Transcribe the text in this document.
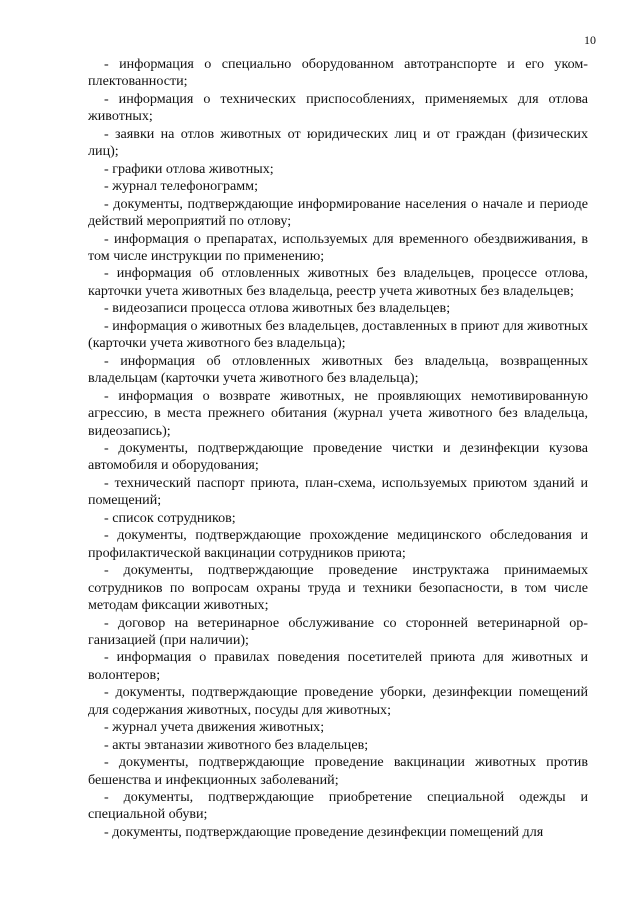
10

- информация о специально оборудованном автотранспорте и его укомплектованности;

- информация о технических приспособлениях, применяемых для отлова животных;

- заявки на отлов животных от юридических лиц и от граждан (физических лиц);

- графики отлова животных;

- журнал телефонограмм;

- документы, подтверждающие информирование населения о начале и периоде действий мероприятий по отлову;

- информация о препаратах, используемых для временного обездвиживания, в том числе инструкции по применению;

- информация об отловленных животных без владельцев, процессе отлова, карточки учета животных без владельца, реестр учета животных без владельцев;

- видеозаписи процесса отлова животных без владельцев;

- информация о животных без владельцев, доставленных в приют для животных (карточки учета животного без владельца);

- информация об отловленных животных без владельца, возвращенных владельцам (карточки учета животного без владельца);

- информация о возврате животных, не проявляющих немотивированную агрессию, в места прежнего обитания (журнал учета животного без владельца, видеозапись);

- документы, подтверждающие проведение чистки и дезинфекции кузова автомобиля и оборудования;

- технический паспорт приюта, план-схема, используемых приютом зданий и помещений;

- список сотрудников;

- документы, подтверждающие прохождение медицинского обследования и профилактической вакцинации сотрудников приюта;

- документы, подтверждающие проведение инструктажа принимаемых сотрудников по вопросам охраны труда и техники безопасности, в том числе методам фиксации животных;

- договор на ветеринарное обслуживание со сторонней ветеринарной организацией (при наличии);

- информация о правилах поведения посетителей приюта для животных и волонтеров;

- документы, подтверждающие проведение уборки, дезинфекции помещений для содержания животных, посуды для животных;

- журнал учета движения животных;

- акты эвтаназии животного без владельцев;

- документы, подтверждающие проведение вакцинации животных против бешенства и инфекционных заболеваний;

- документы, подтверждающие приобретение специальной одежды и специальной обуви;

- документы, подтверждающие проведение дезинфекции помещений для
